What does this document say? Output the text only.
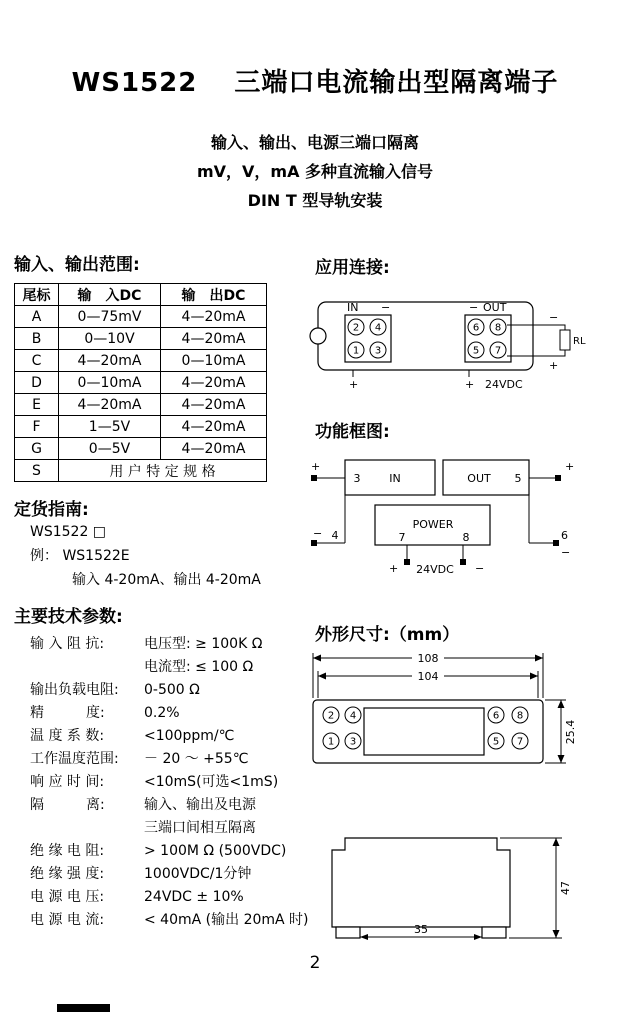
WS1522　 三端口电流输出型隔离端子
输入、输出、电源三端口隔离
mV，V，mA 多种直流输入信号
DIN T 型导轨安装
输入、输出范围:
尾标	输　入DC	输　出DC
A	0—75mV	4—20mA
B	0—10V	4—20mA
C	4—20mA	0—10mA
D	0—10mA	4—20mA
E	4—20mA	4—20mA
F	1—5V	4—20mA
G	0—5V	4—20mA
S	用 户 特 定 规 格	
定货指南:
WS1522 □
例： WS1522E
输入 4-20mA、输出 4-20mA
主要技术参数:
输 入 阻 抗:	电压型: ≥ 100K Ω
电流型: ≤ 100 Ω
输出负载电阻:	0-500 Ω
精　　　度:	0.2%
温 度 系 数:	<100ppm/℃
工作温度范围:	－ 20 ～ +55℃
响 应 时 间:	<10mS(可选<1mS)
隔　　　离:	输入、输出及电源
三端口间相互隔离
绝 缘 电 阻:	> 100M Ω (500VDC)
绝 缘 强 度:	1000VDC/1分钟
电 源 电 压:	24VDC ± 10%
电 源 电 流:	< 40mA (输出 20mA 时)
应用连接:
功能框图:
外形尺寸:（mm）
IN −	− OUT
2 4
1 3
6 8
5 7
−
+
RL
+	+ 24VDC
+
3	IN	OUT 5
+
− 4	6
−
POWER
7	8
+ 24VDC −
108
104
2 4
1 3
6 8
5 7	25.4
35
47
2
